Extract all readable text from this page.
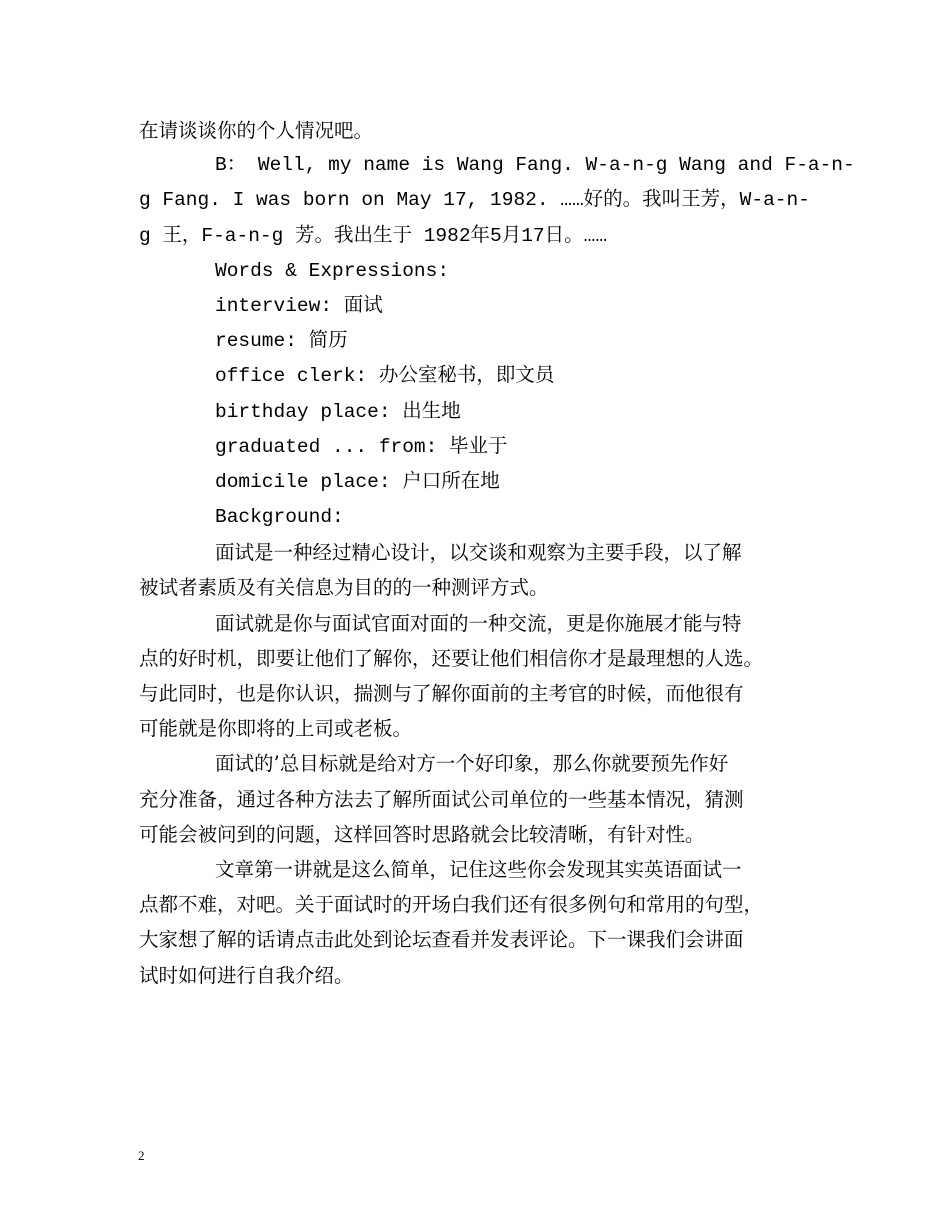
在请谈谈你的个人情况吧。

B： Well, my name is Wang Fang. W-a-n-g Wang and F-a-n-

g Fang. I was born on May 17, 1982. ……好的。我叫王芳，W-a-n-

g 王，F-a-n-g 芳。我出生于 1982年5月17日。……

Words & Expressions:

interview: 面试

resume: 简历

office clerk: 办公室秘书，即文员

birthday place: 出生地

graduated ... from: 毕业于

domicile place: 户口所在地

Background:

面试是一种经过精心设计，以交谈和观察为主要手段，以了解

被试者素质及有关信息为目的的一种测评方式。

面试就是你与面试官面对面的一种交流，更是你施展才能与特

点的好时机，即要让他们了解你，还要让他们相信你才是最理想的人选。

与此同时，也是你认识，揣测与了解你面前的主考官的时候，而他很有

可能就是你即将的上司或老板。

面试的’总目标就是给对方一个好印象，那么你就要预先作好

充分准备，通过各种方法去了解所面试公司单位的一些基本情况，猜测

可能会被问到的问题，这样回答时思路就会比较清晰，有针对性。

文章第一讲就是这么简单，记住这些你会发现其实英语面试一

点都不难，对吧。关于面试时的开场白我们还有很多例句和常用的句型，

大家想了解的话请点击此处到论坛查看并发表评论。下一课我们会讲面

试时如何进行自我介绍。

2
